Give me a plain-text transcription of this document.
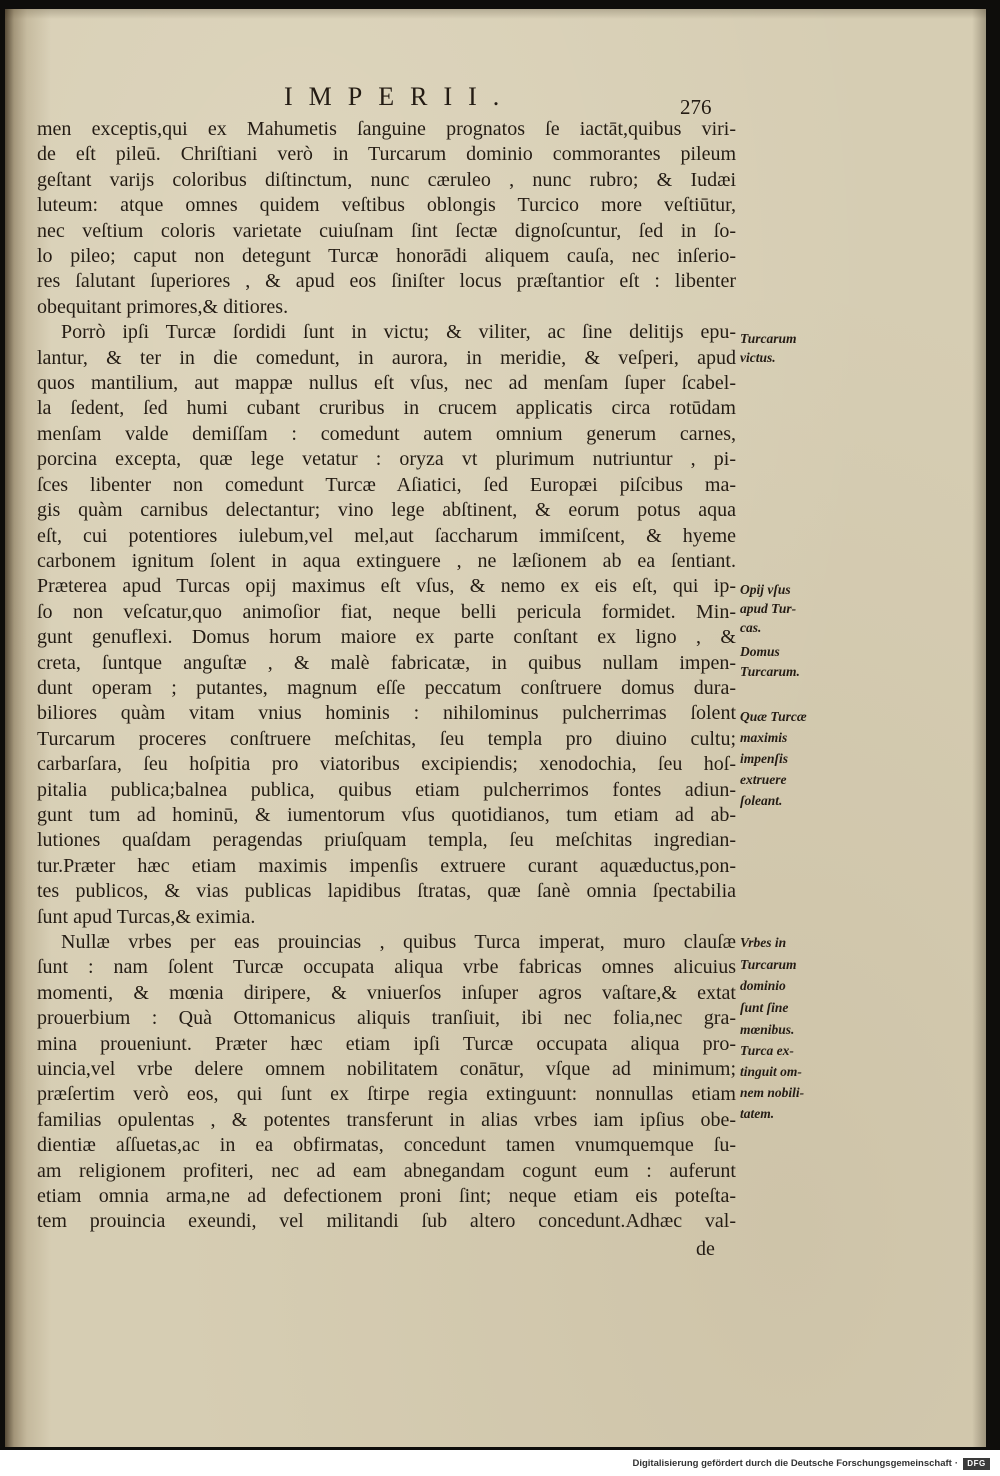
IMPERII.	276
men exceptis,qui ex Mahumetis ſanguine prognatos ſe iactāt,quibus viri-
de eſt pileū. Chriſtiani verò in Turcarum dominio commorantes pileum
geſtant varijs coloribus diſtinctum, nunc cæruleo , nunc rubro; & Iudæi
luteum: atque omnes quidem veſtibus oblongis Turcico more veſtiūtur,
nec veſtium coloris varietate cuiuſnam ſint ſectæ dignoſcuntur, ſed in ſo-
lo pileo; caput non detegunt Turcæ honorādi aliquem cauſa, nec inſerio-
res ſalutant ſuperiores , & apud eos ſiniſter locus præſtantior eſt : libenter
obequitant primores,& ditiores.
Porrò ipſi Turcæ ſordidi ſunt in victu; & viliter, ac ſine delitijs epu-
lantur, & ter in die comedunt, in aurora, in meridie, & veſperi, apud
quos mantilium, aut mappæ nullus eſt vſus, nec ad menſam ſuper ſcabel-
la ſedent, ſed humi cubant cruribus in crucem applicatis circa rotūdam
menſam valde demiſſam : comedunt autem omnium generum carnes,
porcina excepta, quæ lege vetatur : oryza vt plurimum nutriuntur , pi-
ſces libenter non comedunt Turcæ Aſiatici, ſed Europæi piſcibus ma-
gis quàm carnibus delectantur; vino lege abſtinent, & eorum potus aqua
eſt, cui potentiores iulebum,vel mel,aut ſaccharum immiſcent, & hyeme
carbonem ignitum ſolent in aqua extinguere , ne læſionem ab ea ſentiant.
Præterea apud Turcas opij maximus eſt vſus, & nemo ex eis eſt, qui ip-
ſo non veſcatur,quo animoſior fiat, neque belli pericula formidet. Min-
gunt genuflexi. Domus horum maiore ex parte conſtant ex ligno , &
creta, ſuntque anguſtæ , & malè fabricatæ, in quibus nullam impen-
dunt operam ; putantes, magnum eſſe peccatum conſtruere domus dura-
biliores quàm vitam vnius hominis : nihilominus pulcherrimas ſolent
Turcarum proceres conſtruere meſchitas, ſeu templa pro diuino cultu;
carbarſara, ſeu hoſpitia pro viatoribus excipiendis; xenodochia, ſeu hoſ-
pitalia publica;balnea publica, quibus etiam pulcherrimos fontes adiun-
gunt tum ad hominū, & iumentorum vſus quotidianos, tum etiam ad ab-
lutiones quaſdam peragendas priuſquam templa, ſeu meſchitas ingredian-
tur.Præter hæc etiam maximis impenſis extruere curant aquæductus,pon-
tes publicos, & vias publicas lapidibus ſtratas, quæ ſanè omnia ſpectabilia
ſunt apud Turcas,& eximia.
Nullæ vrbes per eas prouincias , quibus Turca imperat, muro clauſæ
ſunt : nam ſolent Turcæ occupata aliqua vrbe fabricas omnes alicuius
momenti, & mœnia diripere, & vniuerſos inſuper agros vaſtare,& extat
prouerbium : Quà Ottomanicus aliquis tranſiuit, ibi nec folia,nec gra-
mina proueniunt. Præter hæc etiam ipſi Turcæ occupata aliqua pro-
uincia,vel vrbe delere omnem nobilitatem conātur, vſque ad minimum;
præſertim verò eos, qui ſunt ex ſtirpe regia extinguunt: nonnullas etiam
familias opulentas , & potentes transferunt in alias vrbes iam ipſius obe-
dientiæ aſſuetas,ac in ea obfirmatas, concedunt tamen vnumquemque ſu-
am religionem profiteri, nec ad eam abnegandam cogunt eum : auferunt
etiam omnia arma,ne ad defectionem proni ſint; neque etiam eis poteſta-
tem prouincia exeundi, vel militandi ſub altero concedunt.Adhæc val-
de
Turcarum
victus.
Opij vſus
apud Tur-
cas.
Domus
Turcarum.
Quæ Turcæ
maximis
impenſis
extruere
ſoleant.
Vrbes in
Turcarum
dominio
ſunt ſine
mœnibus.
Turca ex-
tinguit om-
nem nobili-
tatem.
Digitalisierung gefördert durch die Deutsche Forschungsgemeinschaft ·	DFG
